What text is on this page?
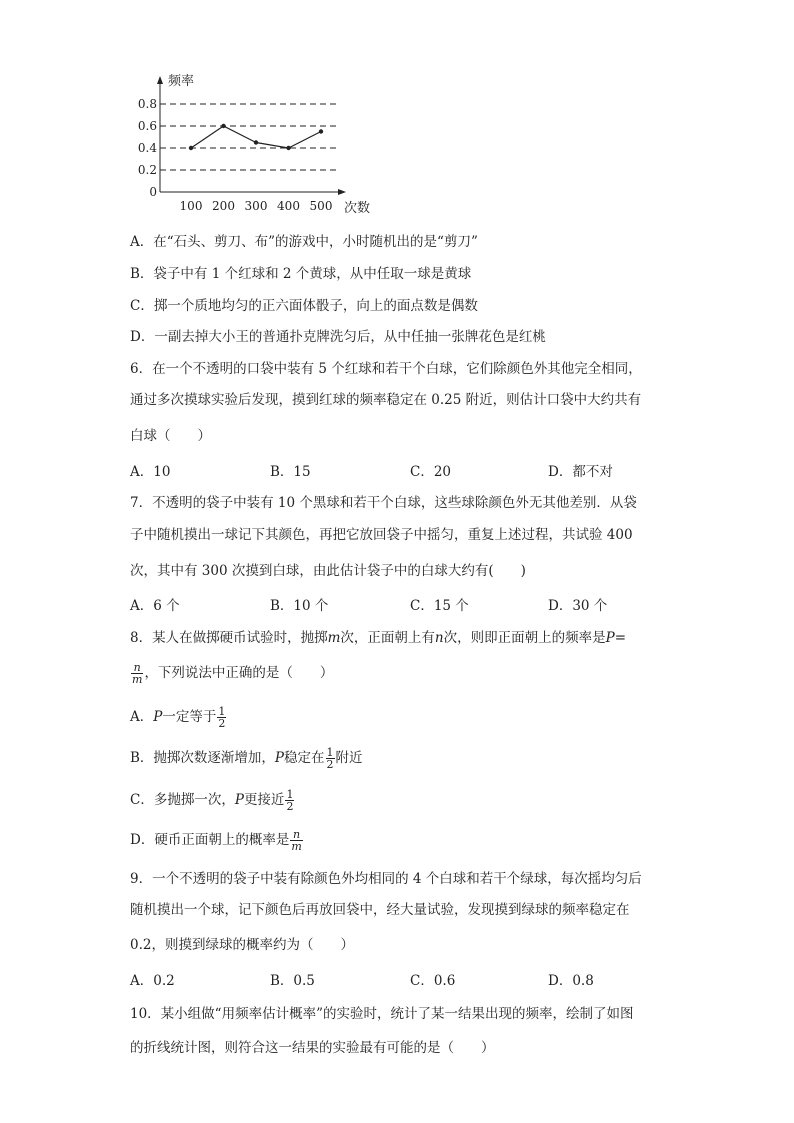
0
0.2
0.4
0.6
0.8
100 200 300 400 500
频率
次数
A．在“石头、剪刀、布”的游戏中，小时随机出的是“剪刀”
B．袋子中有 1 个红球和 2 个黄球，从中任取一球是黄球
C．掷一个质地均匀的正六面体骰子，向上的面点数是偶数
D．一副去掉大小王的普通扑克牌洗匀后，从中任抽一张牌花色是红桃
6．在一个不透明的口袋中装有 5 个红球和若干个白球，它们除颜色外其他完全相同，
通过多次摸球实验后发现，摸到红球的频率稳定在 0.25 附近，则估计口袋中大约共有
白球（　　）
A．10	B．15	C．20	D．都不对
7．不透明的袋子中装有 10 个黑球和若干个白球，这些球除颜色外无其他差别．从袋
子中随机摸出一球记下其颜色，再把它放回袋子中摇匀，重复上述过程，共试验 400
次，其中有 300 次摸到白球，由此估计袋子中的白球大约有(　　)
A．6 个	B．10 个	C．15 个	D．30 个
8．某人在做掷硬币试验时，抛掷m次，正面朝上有n次，则即正面朝上的频率是P=
$\frac{n}{m}$ ，下列说法中正确的是（　　）
A．P一定等于 $\frac{1}{2}$
B．抛掷次数逐渐增加，P稳定在 $\frac{1}{2}$ 附近
C．多抛掷一次，P更接近 $\frac{1}{2}$
D．硬币正面朝上的概率是 $\frac{n}{m}$
9．一个不透明的袋子中装有除颜色外均相同的 4 个白球和若干个绿球，每次摇均匀后
随机摸出一个球，记下颜色后再放回袋中，经大量试验，发现摸到绿球的频率稳定在
0.2，则摸到绿球的概率约为（　　）
A．0.2	B．0.5	C．0.6	D．0.8
10．某小组做“用频率估计概率”的实验时，统计了某一结果出现的频率，绘制了如图
的折线统计图，则符合这一结果的实验最有可能的是（　　）
